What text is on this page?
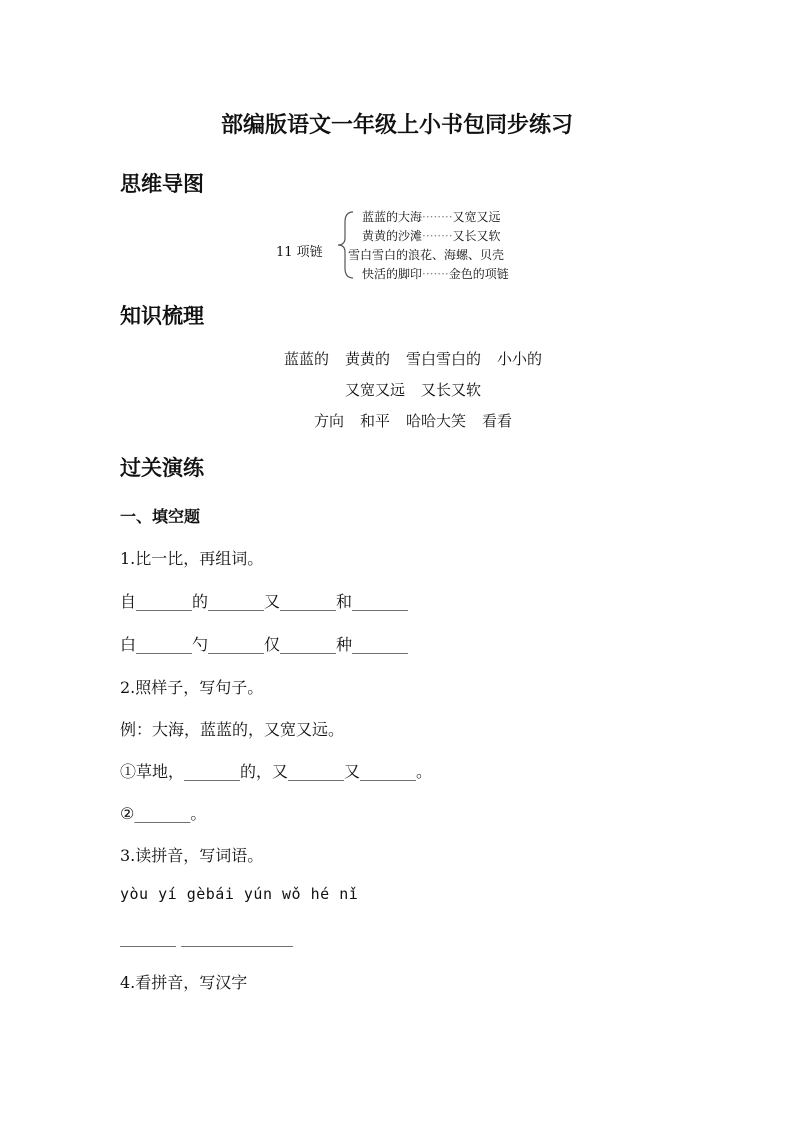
部编版语文一年级上小书包同步练习
思维导图
11 项链
蓝蓝的大海········又宽又远
黄黄的沙滩········又长又软
雪白雪白的浪花、海螺、贝壳
快活的脚印·······金色的项链
知识梳理
蓝蓝的 黄黄的 雪白雪白的 小小的
又宽又远 又长又软
方向 和平 哈哈大笑 看看
过关演练
一、填空题
1.比一比，再组词。
自_______的_______又_______和_______
白_______勺_______仅_______种_______
2.照样子，写句子。
例：大海，蓝蓝的，又宽又远。
①草地，_______的，又_______又_______。
②_______。
3.读拼音，写词语。
yòu yí gèbái yún wǒ hé nǐ
_______ ______________
4.看拼音，写汉字
